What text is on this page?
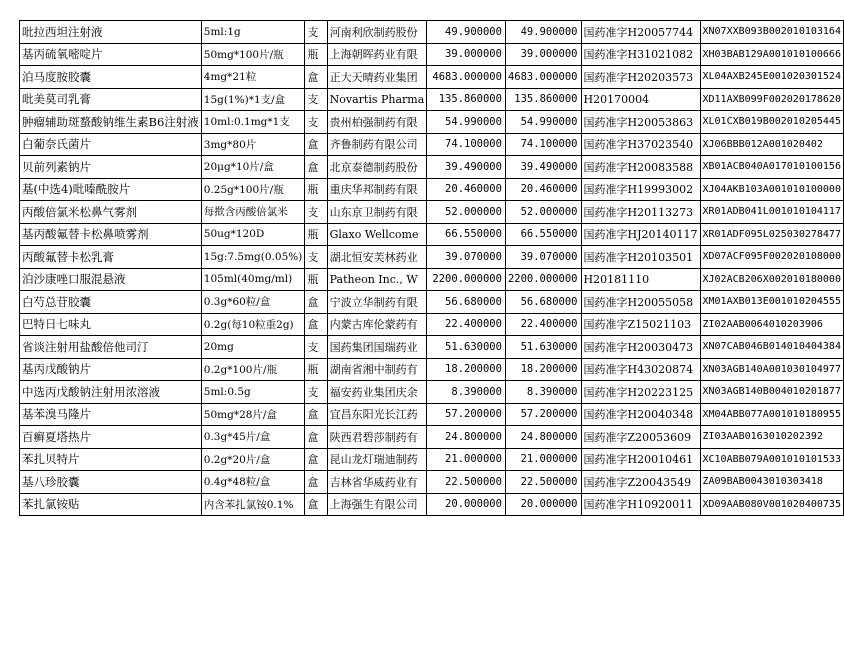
吡拉西坦注射液	5ml:1g	支	河南利欣制药股份	49.900000	49.900000	国药准字H20057744	XN07XXB093B002010103164
基丙硫氧嘧啶片	50mg*100片/瓶	瓶	上海朝晖药业有限	39.000000	39.000000	国药准字H31021082	XH03BAB129A001010100666
泊马度胺胶囊	4mg*21粒	盒	正大天晴药业集团	4683.000000	4683.000000	国药准字H20203573	XL04AXB245E001020301524
吡美莫司乳膏	15g(1%)*1支/盒	支	Novartis Pharma	135.860000	135.860000	H20170004	XD11AXB099F002020178620
肿瘤辅助斑蝥酸钠维生素B6注射液	10ml:0.1mg*1支	支	贵州柏强制药有限	54.990000	54.990000	国药准字H20053863	XL01CXB019B002010205445
白葡奈氏菌片	3mg*80片	盒	齐鲁制药有限公司	74.100000	74.100000	国药准字H37023540	XJ06BBB012A001020402
贝前列素钠片	20μg*10片/盒	盒	北京泰德制药股份	39.490000	39.490000	国药准字H20083588	XB01ACB040A017010100156
基(中选4)吡嗪酰胺片	0.25g*100片/瓶	瓶	重庆华邦制药有限	20.460000	20.460000	国药准字H19993002	XJ04AKB103A001010100000
丙酸倍氯米松鼻气雾剂	每揿含丙酸倍氯米	支	山东京卫制药有限	52.000000	52.000000	国药准字H20113273	XR01ADB041L001010104117
基丙酸氟替卡松鼻喷雾剂	50ug*120D	瓶	Glaxo Wellcome	66.550000	66.550000	国药准字HJ20140117	XR01ADF095L025030278477
丙酸氟替卡松乳膏	15g:7.5mg(0.05%)	支	湖北恒安芙林药业	39.070000	39.070000	国药准字H20103501	XD07ACF095F002020108000
泊沙康唑口服混悬液	105ml(40mg/ml)	瓶	Patheon Inc., W	2200.000000	2200.000000	H20181110	XJ02ACB206X002010180000
白芍总苷胶囊	0.3g*60粒/盒	盒	宁波立华制药有限	56.680000	56.680000	国药准字H20055058	XM01AXB013E001010204555
巴特日七味丸	0.2g(每10粒重2g)	盒	内蒙古库伦蒙药有	22.400000	22.400000	国药准字Z15021103	ZI02AAB0064010203906
省谈注射用盐酸倍他司汀	20mg	支	国药集团国瑞药业	51.630000	51.630000	国药准字H20030473	XN07CAB046B014010404384
基丙戊酸钠片	0.2g*100片/瓶	瓶	湖南省湘中制药有	18.200000	18.200000	国药准字H43020874	XN03AGB140A001030104977
中选丙戊酸钠注射用浓溶液	5ml:0.5g	支	福安药业集团庆余	8.390000	8.390000	国药准字H20223125	XN03AGB140B004010201877
基苯溴马隆片	50mg*28片/盒	盒	宜昌东阳光长江药	57.200000	57.200000	国药准字H20040348	XM04ABB077A001010180955
百癣夏塔热片	0.3g*45片/盒	盒	陕西君碧莎制药有	24.800000	24.800000	国药准字Z20053609	ZI03AAB0163010202392
苯扎贝特片	0.2g*20片/盒	盒	昆山龙灯瑞迪制药	21.000000	21.000000	国药准字H20010461	XC10ABB079A001010101533
基八珍胶囊	0.4g*48粒/盒	盒	吉林省华威药业有	22.500000	22.500000	国药准字Z20043549	ZA09BAB0043010303418
苯扎氯铵贴	内含苯扎氯铵0.1%	盒	上海强生有限公司	20.000000	20.000000	国药准字H10920011	XD09AAB080V001020400735
